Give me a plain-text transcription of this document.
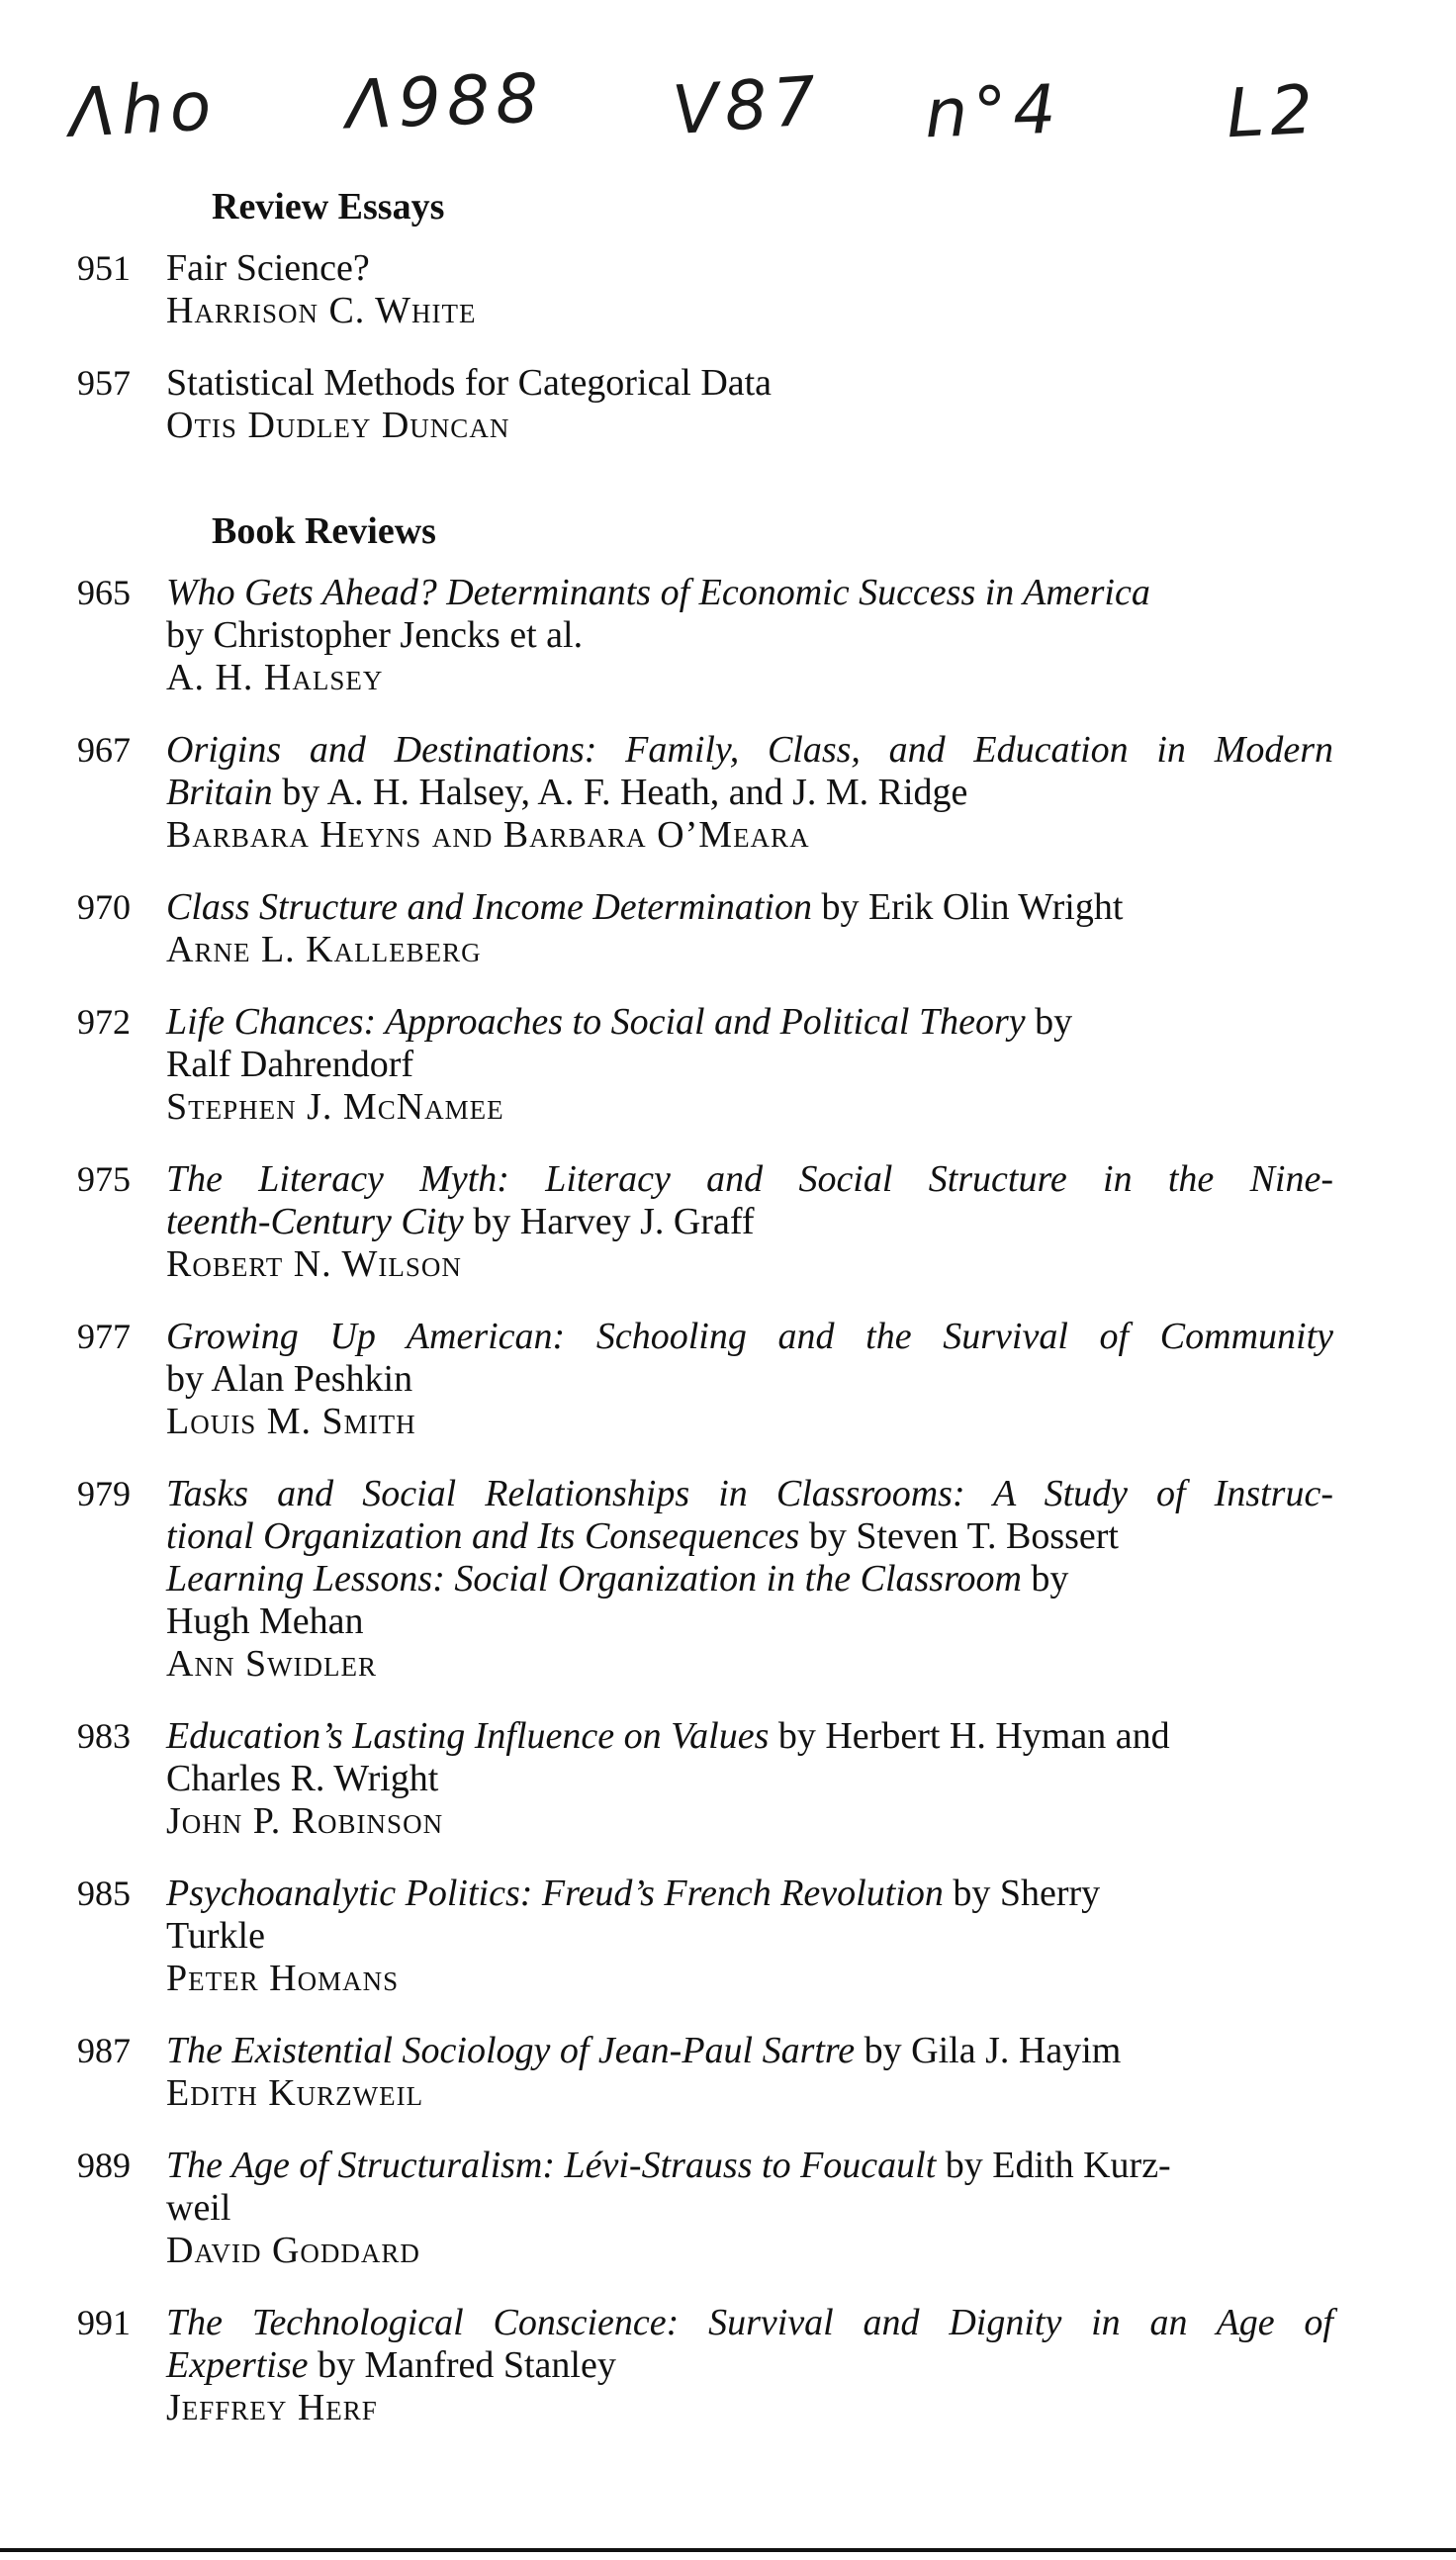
Λho Λ988 V87 n°4 L2
Review Essays
951 Fair Science?
Harrison C. White
957 Statistical Methods for Categorical Data
Otis Dudley Duncan
Book Reviews
965 Who Gets Ahead? Determinants of Economic Success in America
by Christopher Jencks et al.
A. H. Halsey
967 Origins and Destinations: Family, Class, and Education in Modern
Britain by A. H. Halsey, A. F. Heath, and J. M. Ridge
Barbara Heyns and Barbara O’Meara
970 Class Structure and Income Determination by Erik Olin Wright
Arne L. Kalleberg
972 Life Chances: Approaches to Social and Political Theory by
Ralf Dahrendorf
Stephen J. McNamee
975 The Literacy Myth: Literacy and Social Structure in the Nine-
teenth-Century City by Harvey J. Graff
Robert N. Wilson
977 Growing Up American: Schooling and the Survival of Community
by Alan Peshkin
Louis M. Smith
979 Tasks and Social Relationships in Classrooms: A Study of Instruc-
tional Organization and Its Consequences by Steven T. Bossert
Learning Lessons: Social Organization in the Classroom by
Hugh Mehan
Ann Swidler
983 Education’s Lasting Influence on Values by Herbert H. Hyman and
Charles R. Wright
John P. Robinson
985 Psychoanalytic Politics: Freud’s French Revolution by Sherry
Turkle
Peter Homans
987 The Existential Sociology of Jean-Paul Sartre by Gila J. Hayim
Edith Kurzweil
989 The Age of Structuralism: Lévi-Strauss to Foucault by Edith Kurz-
weil
David Goddard
991 The Technological Conscience: Survival and Dignity in an Age of
Expertise by Manfred Stanley
Jeffrey Herf
